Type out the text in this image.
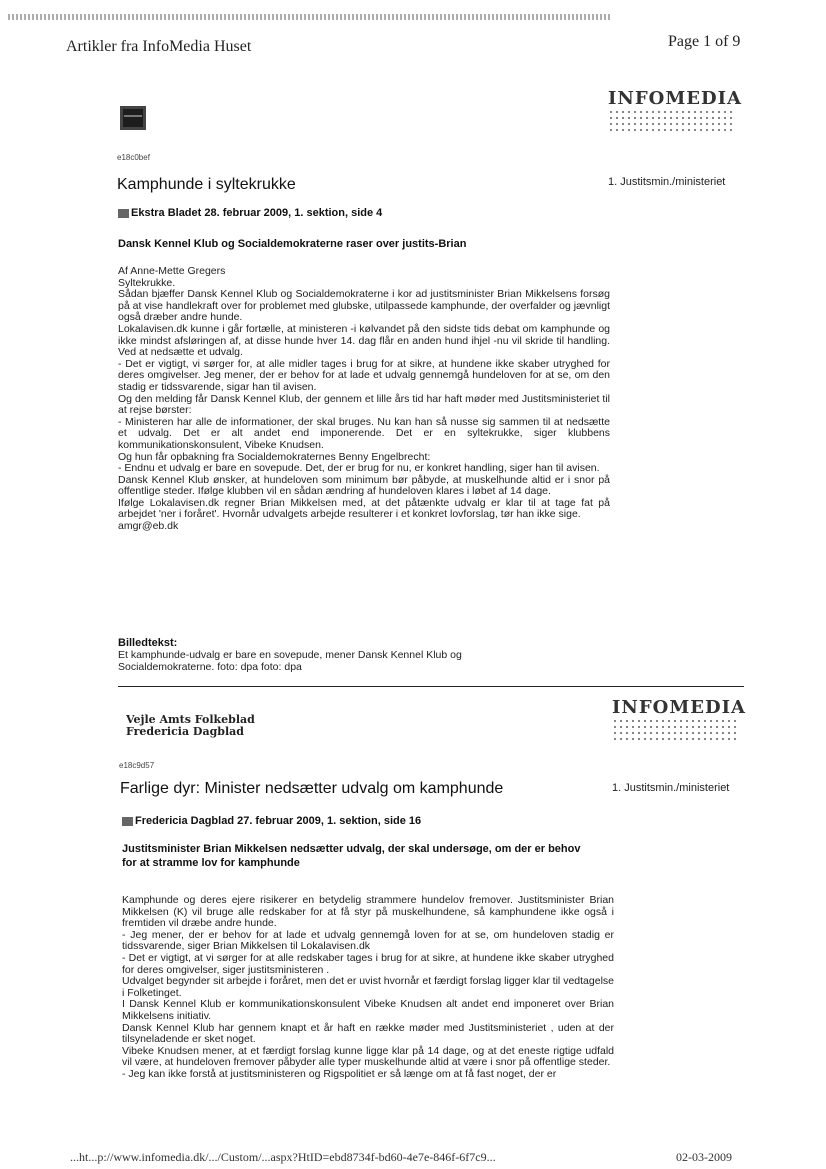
Artikler fra InfoMedia Huset	Page 1 of 9
INFOMEDIA
e18c0bef
Kamphunde i syltekrukke	1. Justitsmin./ministeriet
Ekstra Bladet 28. februar 2009, 1. sektion, side 4
Dansk Kennel Klub og Socialdemokraterne raser over justits-Brian

Af Anne-Mette Gregers

Syltekrukke.

Sådan bjæffer Dansk Kennel Klub og Socialdemokraterne i kor ad justitsminister Brian Mikkelsens forsøg på at vise handlekraft over for problemet med glubske, utilpassede kamphunde, der overfalder og jævnligt også dræber andre hunde.

Lokalavisen.dk kunne i går fortælle, at ministeren -i kølvandet på den sidste tids debat om kamphunde og ikke mindst afsløringen af, at disse hunde hver 14. dag flår en anden hund ihjel -nu vil skride til handling. Ved at nedsætte et udvalg.

- Det er vigtigt, vi sørger for, at alle midler tages i brug for at sikre, at hundene ikke skaber utryghed for deres omgivelser. Jeg mener, der er behov for at lade et udvalg gennemgå hundeloven for at se, om den stadig er tidssvarende, sigar han til avisen.

Og den melding får Dansk Kennel Klub, der gennem et lille års tid har haft møder med Justitsministeriet til at rejse børster:

- Ministeren har alle de informationer, der skal bruges. Nu kan han så nusse sig sammen til at nedsætte et udvalg. Det er alt andet end imponerende. Det er en syltekrukke, siger klubbens kommunikationskonsulent, Vibeke Knudsen.

Og hun får opbakning fra Socialdemokraternes Benny Engelbrecht:

- Endnu et udvalg er bare en sovepude. Det, der er brug for nu, er konkret handling, siger han til avisen.

Dansk Kennel Klub ønsker, at hundeloven som minimum bør påbyde, at muskelhunde altid er i snor på offentlige steder. Ifølge klubben vil en sådan ændring af hundeloven klares i løbet af 14 dage.

Ifølge Lokalavisen.dk regner Brian Mikkelsen med, at det påtænkte udvalg er klar til at tage fat på arbejdet 'ner i foråret'. Hvornår udvalgets arbejde resulterer i et konkret lovforslag, tør han ikke sige.

amgr@eb.dk

Billedtekst:

Et kamphunde-udvalg er bare en sovepude, mener Dansk Kennel Klub og

Socialdemokraterne. foto: dpa foto: dpa

INFOMEDIA
Vejle Amts Folkeblad
Fredericia Dagblad
e18c9d57
Farlige dyr: Minister nedsætter udvalg om kamphunde	1. Justitsmin./ministeriet
Fredericia Dagblad 27. februar 2009, 1. sektion, side 16
Justitsminister Brian Mikkelsen nedsætter udvalg, der skal undersøge, om der er behov for at stramme lov for kamphunde

Kamphunde og deres ejere risikerer en betydelig strammere hundelov fremover. Justitsminister Brian Mikkelsen (K) vil bruge alle redskaber for at få styr på muskelhundene, så kamphundene ikke også i fremtiden vil dræbe andre hunde.

- Jeg mener, der er behov for at lade et udvalg gennemgå loven for at se, om hundeloven stadig er tidssvarende, siger Brian Mikkelsen til Lokalavisen.dk

- Det er vigtigt, at vi sørger for at alle redskaber tages i brug for at sikre, at hundene ikke skaber utryghed for deres omgivelser, siger justitsministeren .

Udvalget begynder sit arbejde i foråret, men det er uvist hvornår et færdigt forslag ligger klar til vedtagelse i Folketinget.

I Dansk Kennel Klub er kommunikationskonsulent Vibeke Knudsen alt andet end imponeret over Brian Mikkelsens initiativ.

Dansk Kennel Klub har gennem knapt et år haft en række møder med Justitsministeriet , uden at der tilsyneladende er sket noget.

Vibeke Knudsen mener, at et færdigt forslag kunne ligge klar på 14 dage, og at det eneste rigtige udfald vil være, at hundeloven fremover påbyder alle typer muskelhunde altid at være i snor på offentlige steder.

- Jeg kan ikke forstå at justitsministeren og Rigspolitiet er så længe om at få fast noget, der er

...ht...p://www.infomedia.dk/.../Custom/...aspx?HtID=ebd8734f-bd60-4e7e-846f-6f7c9...	02-03-2009
